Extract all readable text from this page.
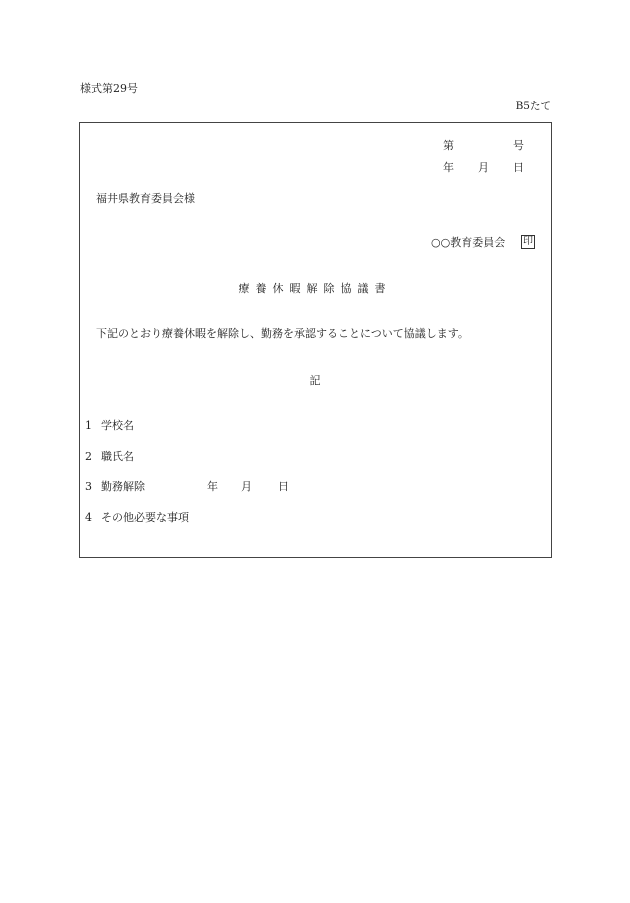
様式第29号
B5たて
第	号
年 月 日
福井県教育委員会様
○○教育委員会 印
療養休暇解除協議書
下記のとおり療養休暇を解除し、勤務を承認することについて協議します。
記
1 学校名
2 職氏名
3 勤務解除	年 月 日
4 その他必要な事項
